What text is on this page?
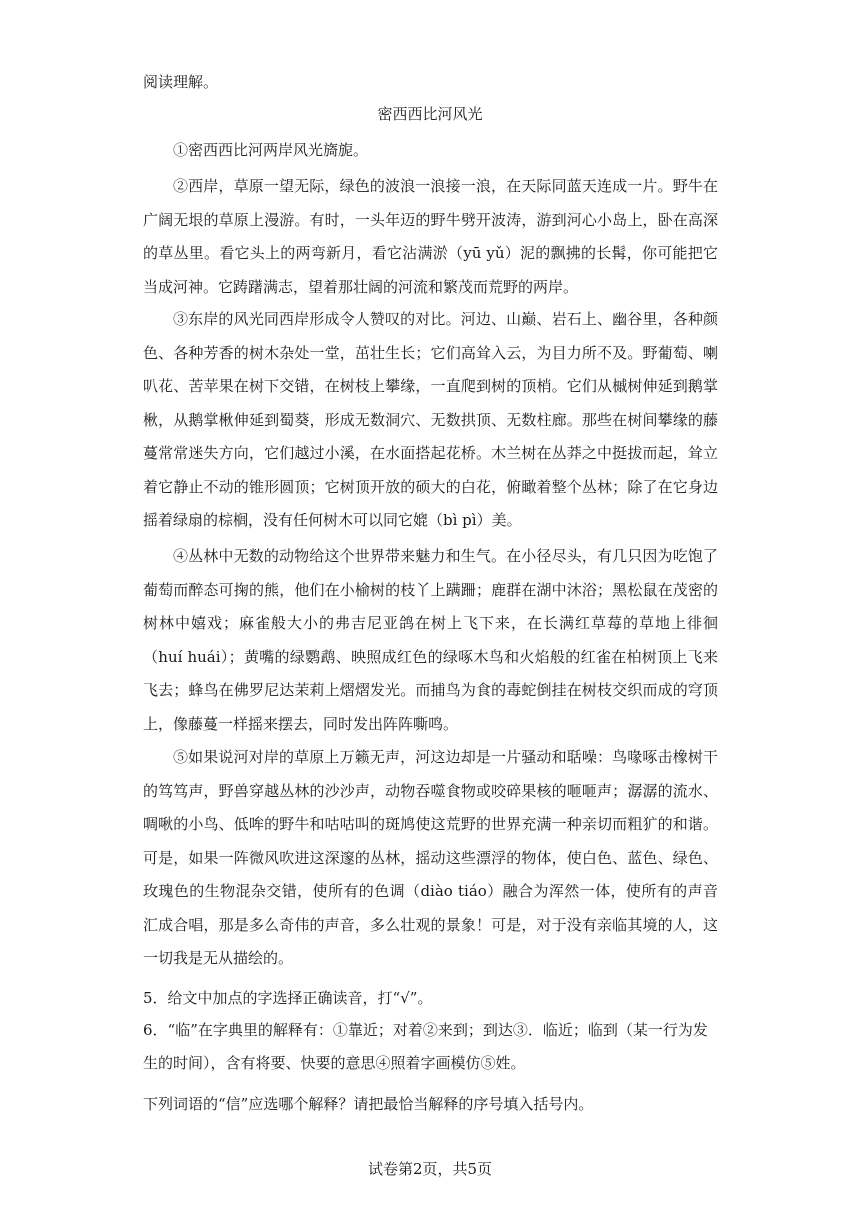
阅读理解。
密西西比河风光

①密西西比河两岸风光旖旎。

②西岸，草原一望无际，绿色的波浪一浪接一浪，在天际同蓝天连成一片。野牛在广阔无垠的草原上漫游。有时，一头年迈的野牛劈开波涛，游到河心小岛上，卧在高深的草丛里。看它头上的两弯新月，看它沾满淤（yū yǔ）泥的飘拂的长髯，你可能把它当成河神。它踌躇满志，望着那壮阔的河流和繁茂而荒野的两岸。

③东岸的风光同西岸形成令人赞叹的对比。河边、山巅、岩石上、幽谷里，各种颜色、各种芳香的树木杂处一堂，茁壮生长；它们高耸入云，为目力所不及。野葡萄、喇叭花、苦苹果在树下交错，在树枝上攀缘，一直爬到树的顶梢。它们从槭树伸延到鹅掌楸，从鹅掌楸伸延到蜀葵，形成无数洞穴、无数拱顶、无数柱廊。那些在树间攀缘的藤蔓常常迷失方向，它们越过小溪，在水面搭起花桥。木兰树在丛莽之中挺拔而起，耸立着它静止不动的锥形圆顶；它树顶开放的硕大的白花，俯瞰着整个丛林；除了在它身边摇着绿扇的棕榈，没有任何树木可以同它媲（bì pì）美。

④丛林中无数的动物给这个世界带来魅力和生气。在小径尽头，有几只因为吃饱了葡萄而醉态可掬的熊，他们在小榆树的枝丫上蹒跚；鹿群在湖中沐浴；黑松鼠在茂密的树林中嬉戏；麻雀般大小的弗吉尼亚鸽在树上飞下来，在长满红草莓的草地上徘徊（huí huái）；黄嘴的绿鹦鹉、映照成红色的绿啄木鸟和火焰般的红雀在柏树顶上飞来飞去；蜂鸟在佛罗尼达茉莉上熠熠发光。而捕鸟为食的毒蛇倒挂在树枝交织而成的穹顶上，像藤蔓一样摇来摆去，同时发出阵阵嘶鸣。

⑤如果说河对岸的草原上万籁无声，河这边却是一片骚动和聒噪：鸟喙啄击橡树干的笃笃声，野兽穿越丛林的沙沙声，动物吞噬食物或咬碎果核的咂咂声；潺潺的流水、啁啾的小鸟、低哞的野牛和咕咕叫的斑鸠使这荒野的世界充满一种亲切而粗犷的和谐。可是，如果一阵微风吹进这深邃的丛林，摇动这些漂浮的物体，使白色、蓝色、绿色、玫瑰色的生物混杂交错，使所有的色调（diào tiáo）融合为浑然一体，使所有的声音汇成合唱，那是多么奇伟的声音，多么壮观的景象！可是，对于没有亲临其境的人，这一切我是无从描绘的。

5．给文中加点的字选择正确读音，打“√”。

6．“临”在字典里的解释有：①靠近；对着②来到；到达③．临近；临到（某一行为发生的时间），含有将要、快要的意思④照着字画模仿⑤姓。

下列词语的“信”应选哪个解释？请把最恰当解释的序号填入括号内。

试卷第2页，共5页
